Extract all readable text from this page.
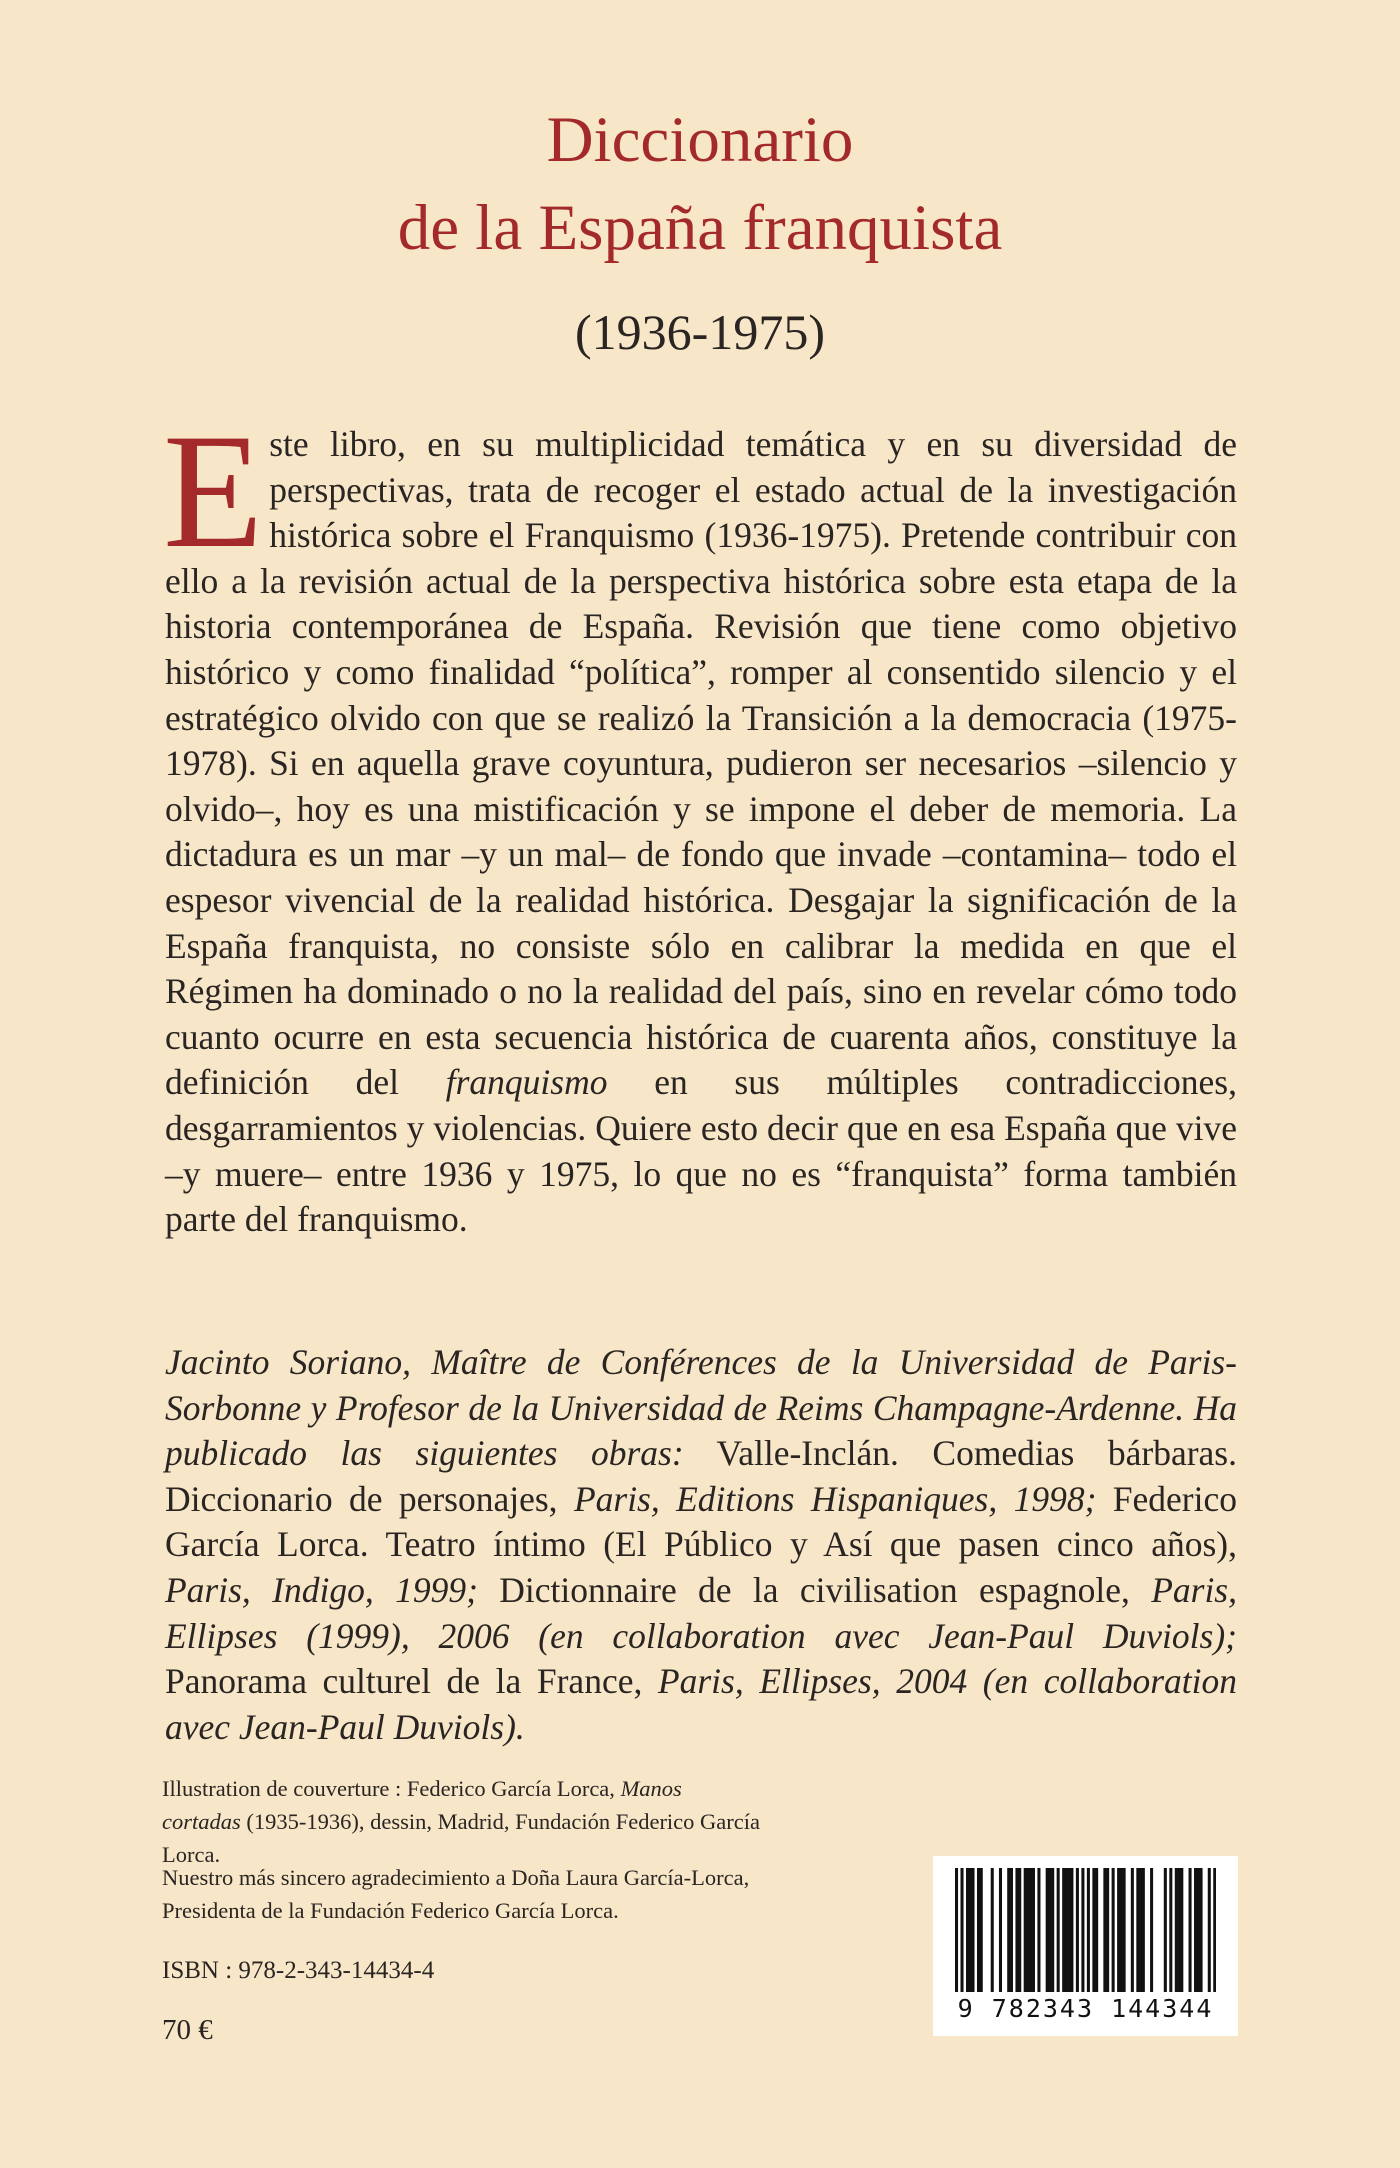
Diccionario
de la España franquista

(1936-1975)

Este libro, en su multiplicidad temática y en su diversidad de perspectivas, trata de recoger el estado actual de la investigación histórica sobre el Franquismo (1936-1975). Pretende contribuir con ello a la revisión actual de la perspectiva histórica sobre esta etapa de la historia contemporánea de España. Revisión que tiene como objetivo histórico y como finalidad “política”, romper al consentido silencio y el estratégico olvido con que se realizó la Transición a la democracia (1975-1978). Si en aquella grave coyuntura, pudieron ser necesarios –silencio y olvido–, hoy es una mistificación y se impone el deber de memoria. La dictadura es un mar –y un mal– de fondo que invade –contamina– todo el espesor vivencial de la realidad histórica. Desgajar la significación de la España franquista, no consiste sólo en calibrar la medida en que el Régimen ha dominado o no la realidad del país, sino en revelar cómo todo cuanto ocurre en esta secuencia histórica de cuarenta años, constituye la definición del franquismo en sus múltiples contradicciones, desgarramientos y violencias. Quiere esto decir que en esa España que vive –y muere– entre 1936 y 1975, lo que no es “franquista” forma también parte del franquismo.

Jacinto Soriano, Maître de Conférences de la Universidad de Paris-Sorbonne y Profesor de la Universidad de Reims Champagne-Ardenne. Ha publicado las siguientes obras: Valle-Inclán. Comedias bárbaras. Diccionario de personajes, Paris, Editions Hispaniques, 1998; Federico García Lorca. Teatro íntimo (El Público y Así que pasen cinco años), Paris, Indigo, 1999; Dictionnaire de la civilisation espagnole, Paris, Ellipses (1999), 2006 (en collaboration avec Jean-Paul Duviols); Panorama culturel de la France, Paris, Ellipses, 2004 (en collaboration avec Jean-Paul Duviols).

Illustration de couverture : Federico García Lorca, Manos cortadas (1935-1936), dessin, Madrid, Fundación Federico García Lorca.

Nuestro más sincero agradecimiento a Doña Laura García-Lorca,
Presidenta de la Fundación Federico García Lorca.

ISBN : 978-2-343-14434-4

70 €

9 782343 144344
